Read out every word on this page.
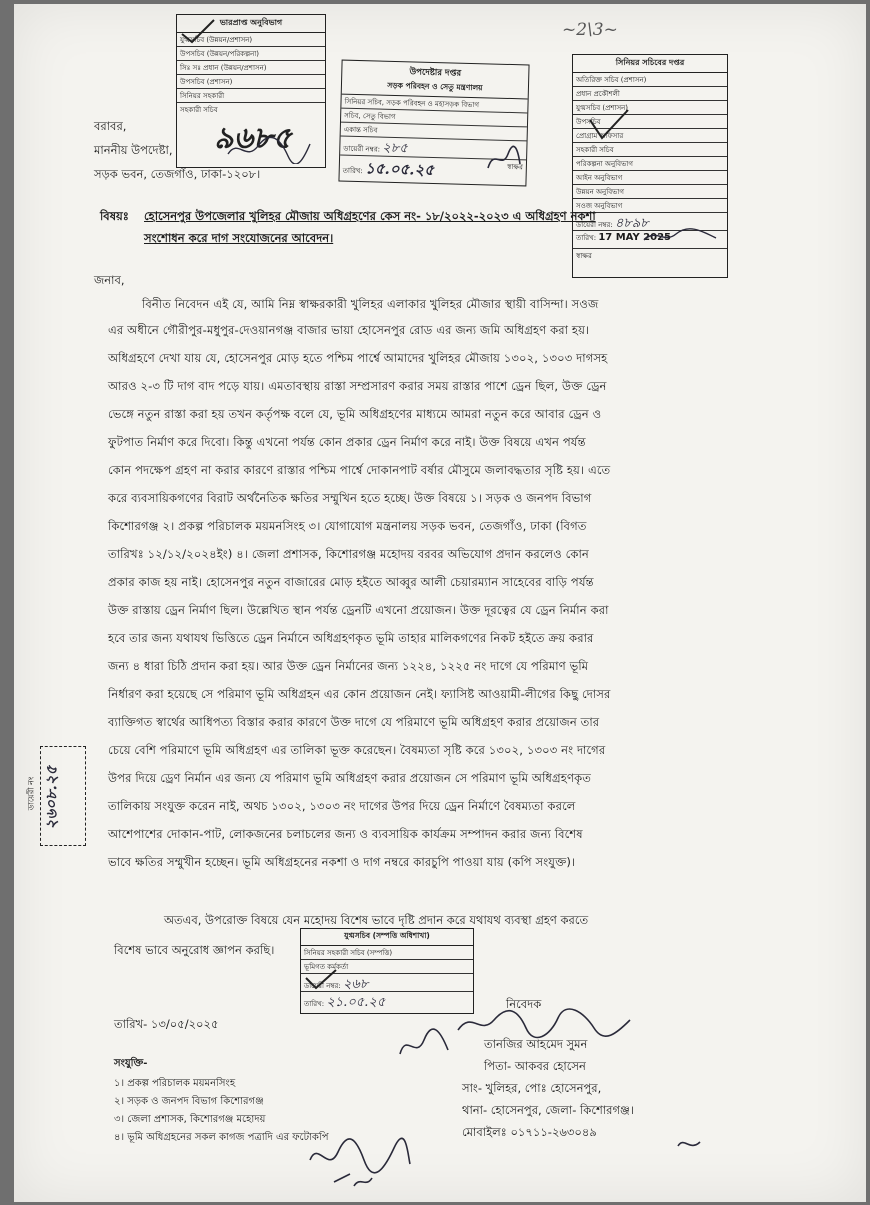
~2\3~
ভারপ্রাপ্ত অনুবিভাগ
যুগ্মসচিব (উন্নয়ন/প্রশাসন)
উপসচিব (উন্নয়ন/পরিকল্পনা)
সিঃ সঃ প্রধান (উন্নয়ন/প্রশাসন)
উপসচিব (প্রশাসন)
সিনিয়র সহকারী
সহকারী সচিব
৯৬৮৫
উপদেষ্টার দপ্তর
সড়ক পরিবহন ও সেতু মন্ত্রণালয়
সিনিয়র সচিব, সড়ক পরিবহন ও মহাসড়ক বিভাগ
সচিব, সেতু বিভাগ
একান্ত সচিব
ডায়েরী নম্বর: ২৮৫
তারিখ: ১৫.০৫.২৫	স্বাক্ষর
সিনিয়র সচিবের দপ্তর
অতিরিক্ত সচিব (প্রশাসন)
প্রধান প্রকৌশলী
যুগ্মসচিব (প্রশাসন)
উপসচিব
প্রোগ্রাম অফিসার
সহকারী সচিব
পরিকল্পনা অনুবিভাগ
আইন অনুবিভাগ
উন্নয়ন অনুবিভাগ
সওজ অনুবিভাগ
ডায়েরী নম্বর: ৪৮৯৮
তারিখ: 17 MAY 2025
স্বাক্ষর
বরাবর,
মাননীয় উপদেষ্টা,
সড়ক ভবন, তেজগাঁও, ঢাকা-১২০৮।
বিষয়ঃ হোসেনপুর উপজেলার খুলিহর মৌজায় অধিগ্রহণের কেস নং- ১৮/২০২২-২০২৩ এ অধিগ্রহণ নকশা
সংশোধন করে দাগ সংযোজনের আবেদন।
জনাব,
বিনীত নিবেদন এই যে, আমি নিম্ন স্বাক্ষরকারী খুলিহর এলাকার খুলিহর মৌজার স্থায়ী বাসিন্দা। সওজ
এর অধীনে গৌরীপুর-মধুপুর-দেওয়ানগঞ্জ বাজার ভায়া হোসেনপুর রোড এর জন্য জমি অধিগ্রহণ করা হয়।
অধিগ্রহণে দেখা যায় যে, হোসেনপুর মোড় হতে পশ্চিম পার্শ্বে আমাদের খুলিহর মৌজায় ১৩০২, ১৩০৩ দাগসহ
আরও ২-৩ টি দাগ বাদ পড়ে যায়। এমতাবস্থায় রাস্তা সম্প্রসারণ করার সময় রাস্তার পাশে ড্রেন ছিল, উক্ত ড্রেন
ভেঙ্গে নতুন রাস্তা করা হয় তখন কর্তৃপক্ষ বলে যে, ভূমি অধিগ্রহণের মাধ্যমে আমরা নতুন করে আবার ড্রেন ও
ফুটপাত নির্মাণ করে দিবো। কিন্তু এখনো পর্যন্ত কোন প্রকার ড্রেন নির্মাণ করে নাই। উক্ত বিষয়ে এখন পর্যন্ত
কোন পদক্ষেপ গ্রহণ না করার কারণে রাস্তার পশ্চিম পার্শ্বে দোকানপাট বর্ষার মৌসুমে জলাবদ্ধতার সৃষ্টি হয়। এতে
করে ব্যবসায়িকগণের বিরাট অর্থনৈতিক ক্ষতির সম্মুখিন হতে হচ্ছে। উক্ত বিষয়ে ১। সড়ক ও জনপদ বিভাগ
কিশোরগঞ্জ ২। প্রকল্প পরিচালক ময়মনসিংহ ৩। যোগাযোগ মন্ত্রনালয় সড়ক ভবন, তেজগাঁও, ঢাকা (বিগত
তারিখঃ ১২/১২/২০২৪ইং) ৪। জেলা প্রশাসক, কিশোরগঞ্জ মহোদয় বরবর অভিযোগ প্রদান করলেও কোন
প্রকার কাজ হয় নাই। হোসেনপুর নতুন বাজারের মোড় হইতে আব্বুর আলী চেয়ারম্যান সাহেবের বাড়ি পর্যন্ত
উক্ত রাস্তায় ড্রেন নির্মাণ ছিল। উল্লেখিত স্থান পর্যন্ত ড্রেনটি এখনো প্রয়োজন। উক্ত দূরত্বের যে ড্রেন নির্মান করা
হবে তার জন্য যথাযথ ভিত্তিতে ড্রেন নির্মানে অধিগ্রহণকৃত ভূমি তাহার মালিকগণের নিকট হইতে ক্রয় করার
জন্য ৪ ধারা চিঠি প্রদান করা হয়। আর উক্ত ড্রেন নির্মানের জন্য ১২২৪, ১২২৫ নং দাগে যে পরিমাণ ভূমি
নির্ধারণ করা হয়েছে সে পরিমাণ ভূমি অধিগ্রহন এর কোন প্রয়োজন নেই। ফ্যাসিষ্ট আওয়ামী-লীগের কিছু দোসর
ব্যাক্তিগত স্বার্থের আধিপত্য বিস্তার করার কারণে উক্ত দাগে যে পরিমাণে ভূমি অধিগ্রহণ করার প্রয়োজন তার
চেয়ে বেশি পরিমাণে ভূমি অধিগ্রহণ এর তালিকা ভূক্ত করেছেন। বৈষম্যতা সৃষ্টি করে ১৩০২, ১৩০৩ নং দাগের
উপর দিয়ে ড্রেণ নির্মান এর জন্য যে পরিমাণ ভূমি অধিগ্রহণ করার প্রয়োজন সে পরিমাণ ভূমি অধিগ্রহণকৃত
তালিকায় সংযুক্ত করেন নাই, অথচ ১৩০২, ১৩০৩ নং দাগের উপর দিয়ে ড্রেন নির্মাণে বৈষম্যতা করলে
আশেপাশের দোকান-পাট, লোকজনের চলাচলের জন্য ও ব্যবসায়িক কার্যক্রম সম্পাদন করার জন্য বিশেষ
ভাবে ক্ষতির সম্মুখীন হচ্ছেন। ভূমি অধিগ্রহনের নকশা ও দাগ নম্বরে কারচুপি পাওয়া যায় (কপি সংযুক্ত)।
ডায়েরী নং ২৬০৮.২৫
অতএব, উপরোক্ত বিষয়ে যেন মহোদয় বিশেষ ভাবে দৃষ্টি প্রদান করে যথাযথ ব্যবস্থা গ্রহণ করতে
বিশেষ ভাবে অনুরোধ জ্ঞাপন করছি।
যুগ্মসচিব (সম্পত্তি অধিশাখা)
সিনিয়র সহকারী সচিব (সম্পত্তি)
ভূমিগত কর্মকর্তা
ডায়েরী নম্বর: ২৬৮
তারিখ: ২১.০৫.২৫
তারিখ- ১৩/০৫/২০২৫
নিবেদক
তানজির আহমেদ সুমন
পিতা- আকবর হোসেন
সাং- খুলিহর, পোঃ হোসেনপুর,
থানা- হোসেনপুর, জেলা- কিশোরগঞ্জ।
মোবাইলঃ ০১৭১১-২৬৩০৪৯
সংযুক্তি-
১। প্রকল্প পরিচালক ময়মনসিংহ
২। সড়ক ও জনপদ বিভাগ কিশোরগঞ্জ
৩। জেলা প্রশাসক, কিশোরগঞ্জ মহোদয়
৪। ভূমি অধিগ্রহনের সকল কাগজ পত্রাদি এর ফটোকপি
